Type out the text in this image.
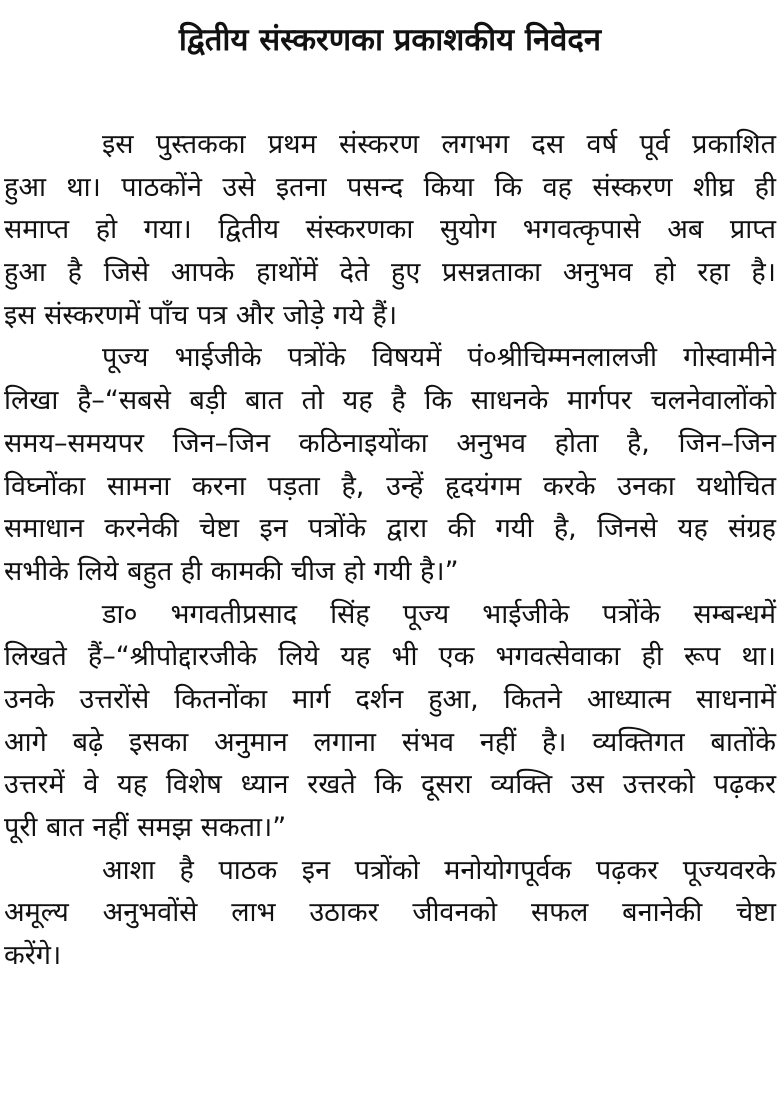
द्वितीय संस्करणका प्रकाशकीय निवेदन
इस पुस्तकका प्रथम संस्करण लगभग दस वर्ष पूर्व प्रकाशित
हुआ था। पाठकोंने उसे इतना पसन्द किया कि वह संस्करण शीघ्र ही
समाप्त हो गया। द्वितीय संस्करणका सुयोग भगवत्कृपासे अब प्राप्त
हुआ है जिसे आपके हाथोंमें देते हुए प्रसन्नताका अनुभव हो रहा है।
इस संस्करणमें पाँच पत्र और जोड़े गये हैं।
पूज्य भाईजीके पत्रोंके विषयमें पं०श्रीचिम्मनलालजी गोस्वामीने
लिखा है–“सबसे बड़ी बात तो यह है कि साधनके मार्गपर चलनेवालोंको
समय–समयपर जिन–जिन कठिनाइयोंका अनुभव होता है, जिन–जिन
विघ्नोंका सामना करना पड़ता है, उन्हें हृदयंगम करके उनका यथोचित
समाधान करनेकी चेष्टा इन पत्रोंके द्वारा की गयी है, जिनसे यह संग्रह
सभीके लिये बहुत ही कामकी चीज हो गयी है।”
डा० भगवतीप्रसाद सिंह पूज्य भाईजीके पत्रोंके सम्बन्धमें
लिखते हैं–“श्रीपोद्दारजीके लिये यह भी एक भगवत्सेवाका ही रूप था।
उनके उत्तरोंसे कितनोंका मार्ग दर्शन हुआ, कितने आध्यात्म साधनामें
आगे बढ़े इसका अनुमान लगाना संभव नहीं है। व्यक्तिगत बातोंके
उत्तरमें वे यह विशेष ध्यान रखते कि दूसरा व्यक्ति उस उत्तरको पढ़कर
पूरी बात नहीं समझ सकता।”
आशा है पाठक इन पत्रोंको मनोयोगपूर्वक पढ़कर पूज्यवरके
अमूल्य अनुभवोंसे लाभ उठाकर जीवनको सफल बनानेकी चेष्टा
करेंगे।
